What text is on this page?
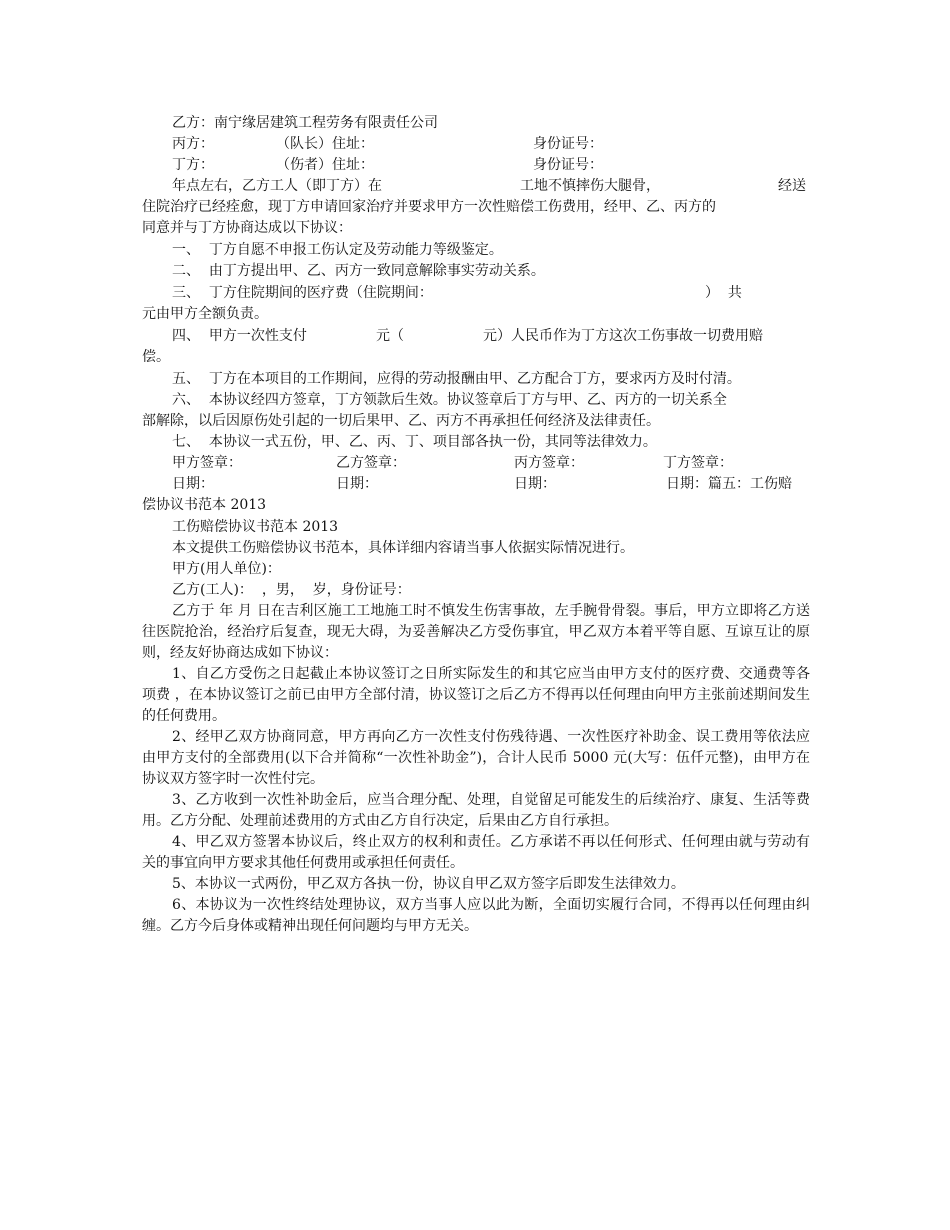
乙方：南宁缘居建筑工程劳务有限责任公司
丙方：	（队长）住址：	身份证号：
丁方：	（伤者）住址：	身份证号：
年点左右，乙方工人（即丁方）在	工地不慎摔伤大腿骨，	经送
住院治疗已经痊愈，现丁方申请回家治疗并要求甲方一次性赔偿工伤费用，经甲、乙、丙方的
同意并与丁方协商达成以下协议：
一、  丁方自愿不申报工伤认定及劳动能力等级鉴定。
二、  由丁方提出甲、乙、丙方一致同意解除事实劳动关系。
三、  丁方住院期间的医疗费（住院期间：	）  共
元由甲方全额负责。
四、  甲方一次性支付	元（	元）人民币作为丁方这次工伤事故一切费用赔
偿。
五、  丁方在本项目的工作期间，应得的劳动报酬由甲、乙方配合丁方，要求丙方及时付清。
六、  本协议经四方签章，丁方领款后生效。协议签章后丁方与甲、乙、丙方的一切关系全
部解除，以后因原伤处引起的一切后果甲、乙、丙方不再承担任何经济及法律责任。
七、  本协议一式五份，甲、乙、丙、丁、项目部各执一份，其同等法律效力。
甲方签章：	乙方签章：	丙方签章：	丁方签章：
日期：	日期：	日期：	日期：篇五：工伤赔
偿协议书范本 2013
工伤赔偿协议书范本 2013
本文提供工伤赔偿协议书范本，具体详细内容请当事人依据实际情况进行。
甲方(用人单位)：
乙方(工人)：  ，男，  岁，身份证号：

乙方于 年 月 日在吉利区施工工地施工时不慎发生伤害事故，左手腕骨骨裂。事后，甲方立即将乙方送往医院抢治，经治疗后复查，现无大碍，为妥善解决乙方受伤事宜，甲乙双方本着平等自愿、互谅互让的原则，经友好协商达成如下协议：

1、自乙方受伤之日起截止本协议签订之日所实际发生的和其它应当由甲方支付的医疗费、交通费等各项费 ，在本协议签订之前已由甲方全部付清，协议签订之后乙方不得再以任何理由向甲方主张前述期间发生的任何费用。

2、经甲乙双方协商同意，甲方再向乙方一次性支付伤残待遇、一次性医疗补助金、误工费用等依法应由甲方支付的全部费用(以下合并简称“一次性补助金”)，合计人民币 5000 元(大写：伍仟元整)，由甲方在协议双方签字时一次性付完。

3、乙方收到一次性补助金后，应当合理分配、处理，自觉留足可能发生的后续治疗、康复、生活等费用。乙方分配、处理前述费用的方式由乙方自行决定，后果由乙方自行承担。

4、甲乙双方签署本协议后，终止双方的权利和责任。乙方承诺不再以任何形式、任何理由就与劳动有关的事宜向甲方要求其他任何费用或承担任何责任。

5、本协议一式两份，甲乙双方各执一份，协议自甲乙双方签字后即发生法律效力。

6、本协议为一次性终结处理协议，双方当事人应以此为断，全面切实履行合同，不得再以任何理由纠缠。乙方今后身体或精神出现任何问题均与甲方无关。
